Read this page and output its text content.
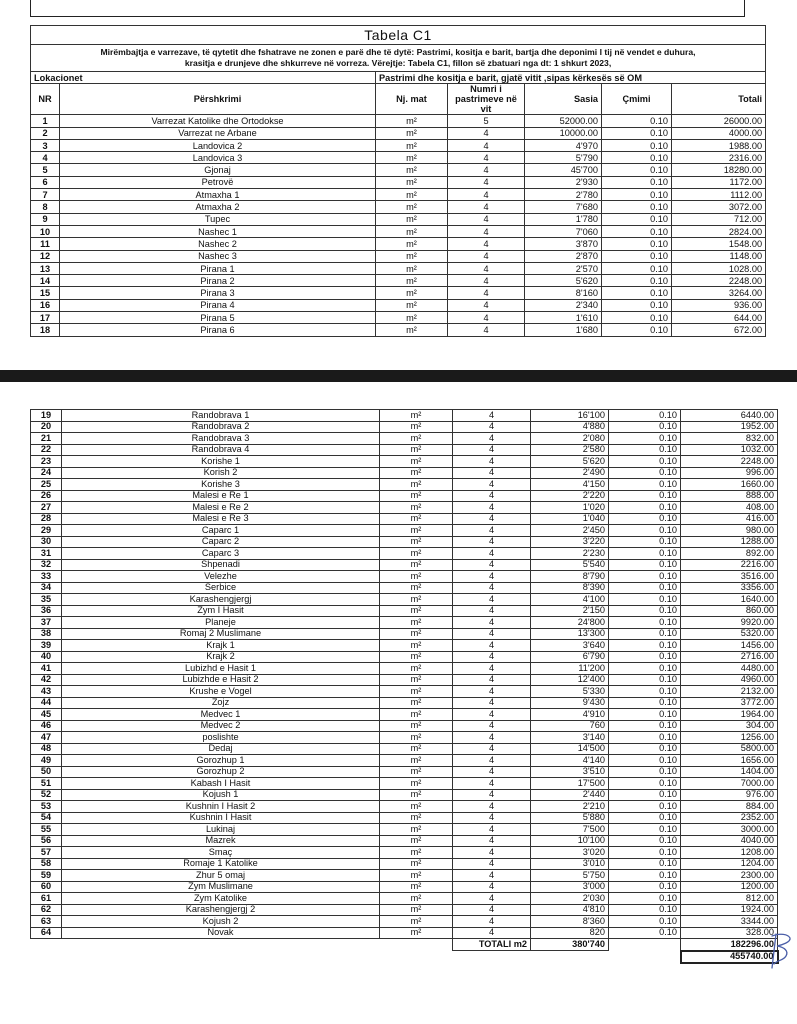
Tabela C1						

Mirëmbajtja e varrezave, të qytetit dhe fshatrave ne zonen e parë dhe të dytë: Pastrimi, kositja e barit, bartja dhe deponimi I tij në vendet e duhura,
krasitja e drunjeve dhe shkurreve në vorreza. Vërejtje: Tabela C1, fillon së zbatuari nga dt: 1 shkurt 2023,						

Lokacionet		Pastrimi dhe kositja e barit, gjatë vitit ,sipas kërkesës së OM				
NR	Përshkrimi	Nj. mat	Numri i pastrimeve në vit	Sasia	Çmimi	Totali
1	Varrezat Katolike dhe Ortodokse	m²	5	52000.00	0.10	26000.00
2	Varrezat ne Arbane	m²	4	10000.00	0.10	4000.00
3	Landovica 2	m²	4	4'970	0.10	1988.00
4	Landovica 3	m²	4	5'790	0.10	2316.00
5	Gjonaj	m²	4	45'700	0.10	18280.00
6	Petrovë	m²	4	2'930	0.10	1172.00
7	Atmaxha 1	m²	4	2'780	0.10	1112.00
8	Atmaxha 2	m²	4	7'680	0.10	3072.00
9	Tupec	m²	4	1'780	0.10	712.00
10	Nashec 1	m²	4	7'060	0.10	2824.00
11	Nashec 2	m²	4	3'870	0.10	1548.00
12	Nashec 3	m²	4	2'870	0.10	1148.00
13	Pirana 1	m²	4	2'570	0.10	1028.00
14	Pirana 2	m²	4	5'620	0.10	2248.00
15	Pirana 3	m²	4	8'160	0.10	3264.00
16	Pirana 4	m²	4	2'340	0.10	936.00
17	Pirana 5	m²	4	1'610	0.10	644.00
18	Pirana 6	m²	4	1'680	0.10	672.00
19	Randobrava 1	m²	4	16'100	0.10	6440.00
20	Randobrava 2	m²	4	4'880	0.10	1952.00
21	Randobrava 3	m²	4	2'080	0.10	832.00
22	Randobrava 4	m²	4	2'580	0.10	1032.00
23	Korishe 1	m²	4	5'620	0.10	2248.00
24	Korish 2	m²	4	2'490	0.10	996.00
25	Korishe 3	m²	4	4'150	0.10	1660.00
26	Malesi e Re 1	m²	4	2'220	0.10	888.00
27	Malesi e Re 2	m²	4	1'020	0.10	408.00
28	Malesi e Re 3	m²	4	1'040	0.10	416.00
29	Caparc 1	m²	4	2'450	0.10	980.00
30	Caparc 2	m²	4	3'220	0.10	1288.00
31	Caparc 3	m²	4	2'230	0.10	892.00
32	Shpenadi	m²	4	5'540	0.10	2216.00
33	Velezhe	m²	4	8'790	0.10	3516.00
34	Serbice	m²	4	8'390	0.10	3356.00
35	Karashengjergj	m²	4	4'100	0.10	1640.00
36	Zym I Hasit	m²	4	2'150	0.10	860.00
37	Planeje	m²	4	24'800	0.10	9920.00
38	Romaj 2 Muslimane	m²	4	13'300	0.10	5320.00
39	Krajk 1	m²	4	3'640	0.10	1456.00
40	Krajk 2	m²	4	6'790	0.10	2716.00
41	Lubizhd e Hasit 1	m²	4	11'200	0.10	4480.00
42	Lubizhde e Hasit 2	m²	4	12'400	0.10	4960.00
43	Krushe e Vogel	m²	4	5'330	0.10	2132.00
44	Zojz	m²	4	9'430	0.10	3772.00
45	Medvec 1	m²	4	4'910	0.10	1964.00
46	Medvec 2	m²	4	760	0.10	304.00
47	poslishte	m²	4	3'140	0.10	1256.00
48	Dedaj	m²	4	14'500	0.10	5800.00
49	Gorozhup 1	m²	4	4'140	0.10	1656.00
50	Gorozhup 2	m²	4	3'510	0.10	1404.00
51	Kabash I Hasit	m²	4	17'500	0.10	7000.00
52	Kojush 1	m²	4	2'440	0.10	976.00
53	Kushnin I Hasit 2	m²	4	2'210	0.10	884.00
54	Kushnin I Hasit	m²	4	5'880	0.10	2352.00
55	Lukinaj	m²	4	7'500	0.10	3000.00
56	Mazrek	m²	4	10'100	0.10	4040.00
57	Smaç	m²	4	3'020	0.10	1208.00
58	Romaje 1 Katolike	m²	4	3'010	0.10	1204.00
59	Zhur 5 omaj	m²	4	5'750	0.10	2300.00
60	Zym Muslimane	m²	4	3'000	0.10	1200.00
61	Zym Katolike	m²	4	2'030	0.10	812.00
62	Karashengjergj 2	m²	4	4'810	0.10	1924.00
63	Kojush 2	m²	4	8'360	0.10	3344.00
64	Novak	m²	4	820	0.10	328.00
			TOTALI m2	380'740		182296.00
						455740.00
